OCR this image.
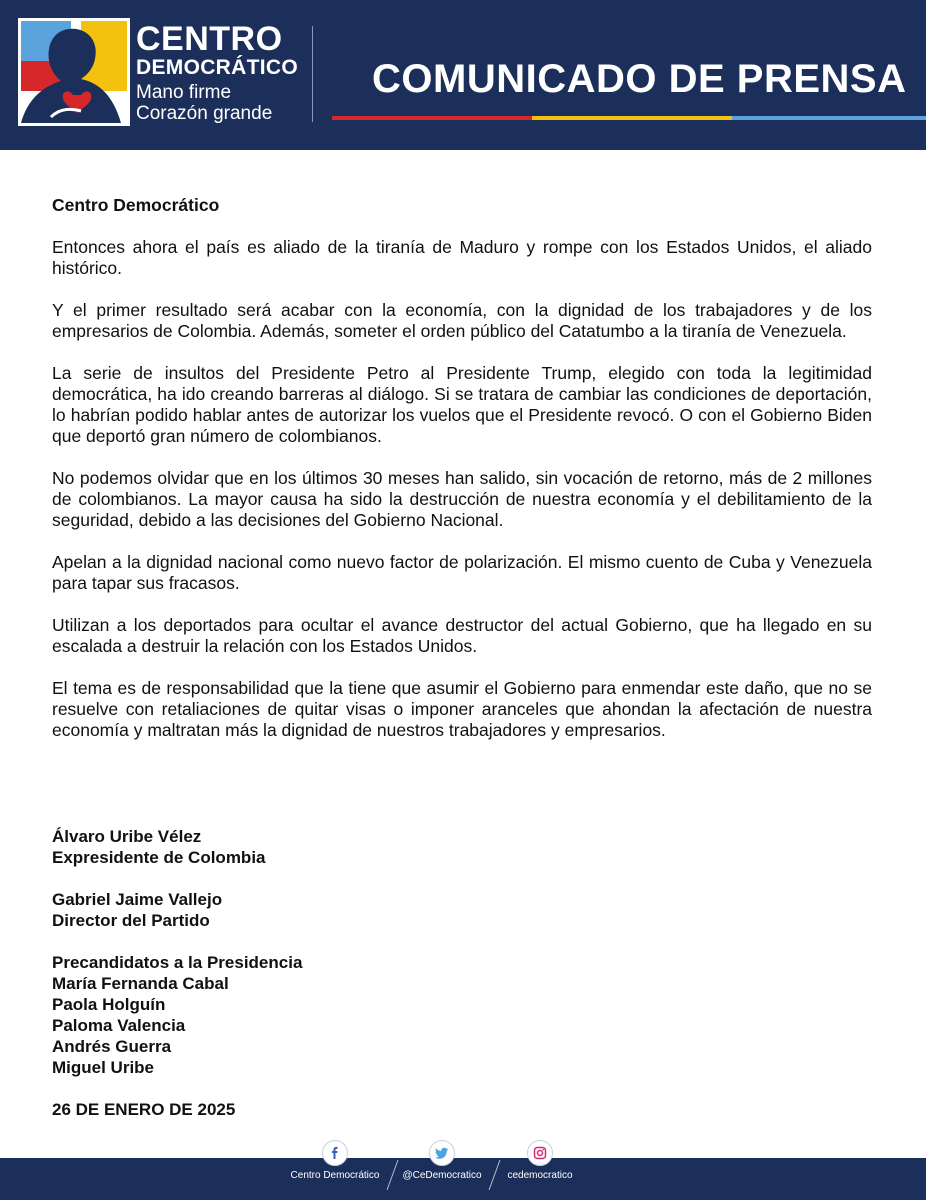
CENTRO
DEMOCRÁTICO
Mano firme
Corazón grande
COMUNICADO DE PRENSA
Centro Democrático

Entonces ahora el país es aliado de la tiranía de Maduro y rompe con los Estados Unidos, el aliado histórico.

Y el primer resultado será acabar con la economía, con la dignidad de los trabajadores y de los empresarios de Colombia. Además, someter el orden público del Catatumbo a la tiranía de Venezuela.

La serie de insultos del Presidente Petro al Presidente Trump, elegido con toda la legitimidad democrática, ha ido creando barreras al diálogo. Si se tratara de cambiar las condiciones de deportación, lo habrían podido hablar antes de autorizar los vuelos que el Presidente revocó. O con el Gobierno Biden que deportó gran número de colombianos.

No podemos olvidar que en los últimos 30 meses han salido, sin vocación de retorno, más de 2 millones de colombianos. La mayor causa ha sido la destrucción de nuestra economía y el debilitamiento de la seguridad, debido a las decisiones del Gobierno Nacional.

Apelan a la dignidad nacional como nuevo factor de polarización. El mismo cuento de Cuba y Venezuela para tapar sus fracasos.

Utilizan a los deportados para ocultar el avance destructor del actual Gobierno, que ha llegado en su escalada a destruir la relación con los Estados Unidos.

El tema es de responsabilidad que la tiene que asumir el Gobierno para enmendar este daño, que no se resuelve con retaliaciones de quitar visas o imponer aranceles que ahondan la afectación de nuestra economía y maltratan más la dignidad de nuestros trabajadores y empresarios.

Álvaro Uribe Vélez
Expresidente de Colombia
Gabriel Jaime Vallejo
Director del Partido
Precandidatos a la Presidencia
María Fernanda Cabal
Paola Holguín
Paloma Valencia
Andrés Guerra
Miguel Uribe
26 DE ENERO DE 2025
Centro Democrático @CeDemocratico	cedemocratico
